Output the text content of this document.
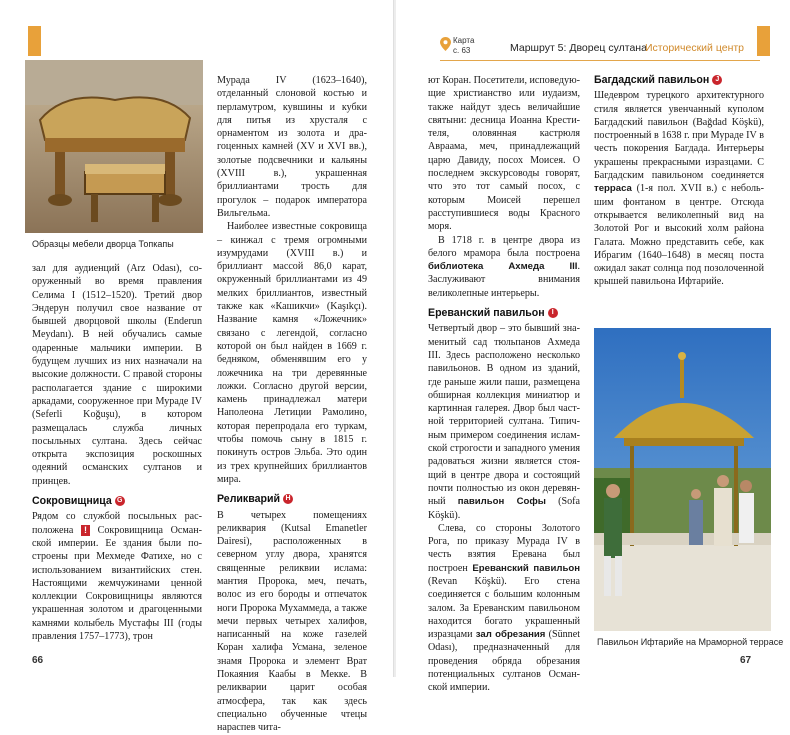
Образцы мебели дворца Топкапы

зал для аудиенций (Arz Odası), сооруженный во время правления Селима I (1512–1520). Третий двор Эндерун получил свое название от бывшей дворцовой школы (Enderun Meydanı). В ней обучались самые одаренные мальчики империи. В будущем лучших из них назначали на высокие должности. С правой стороны располагается здание с широкими аркадами, сооруженное при Мураде IV (Seferli Koğuşu), в котором размещалась служба личных посыльных султана. Здесь сейчас открыта экспозиция роскошных одеяний османских султанов и принцев.

Сокровищница G

Рядом со службой посыльных расположена ! Сокровищница Османской империи. Ее здания были построены при Мехмеде Фатихе, но с использованием византийских стен. Настоящими жемчужинами ценной коллекции Сокровищницы являются украшенная золотом и драгоценными камнями колыбель Мустафы III (годы правления 1757–1773), трон

Мурада IV (1623–1640), отделанный слоновой костью и перламутром, кувшины и кубки для питья из хрусталя с орнаментом из золота и драгоценных камней (XV и XVI вв.), золотые подсвечники и кальяны (XVIII в.), украшенная бриллиантами трость для прогулок – подарок императора Вильгельма.

Наиболее известные сокровища – кинжал с тремя огромными изумрудами (XVIII в.) и бриллиант массой 86,0 карат, окруженный бриллиантами из 49 мелких бриллиантов, известный также как «Кашикчи» (Kaşıkçı). Название камня «Ложечник» связано с легендой, согласно которой он был найден в 1669 г. бедняком, обменявшим его у ложечника на три деревянные ложки. Согласно другой версии, камень принадлежал матери Наполеона Летиции Рамолино, которая перепродала его туркам, чтобы помочь сыну в 1815 г. покинуть остров Эльба. Это один из трех крупнейших бриллиантов мира.

Реликварий H

В четырех помещениях реликвария (Kutsal Emanetler Dairesi), расположенных в северном углу двора, хранятся священные реликвии ислама: мантия Пророка, меч, печать, волос из его бороды и отпечаток ноги Пророка Мухаммеда, а также мечи первых четырех халифов, написанный на коже газелей Коран халифа Усмана, зеленое знамя Пророка и элемент Врат Покаяния Каабы в Мекке. В реликварии царит особая атмосфера, так как здесь специально обученные чтецы нараспев чита-

66	67
Карта
с. 63	Маршрут 5: Дворец султана
Исторический центр

ют Коран. Посетители, исповедующие христианство или иудаизм, также найдут здесь величайшие святыни: десница Иоанна Крестителя, оловянная кастрюля Авраама, меч, принадлежащий царю Давиду, посох Моисея. О последнем экскурсоводы говорят, что это тот самый посох, с которым Моисей перешел расступившиеся воды Красного моря.

В 1718 г. в центре двора из белого мрамора была построена библиотека Ахмеда III. Заслуживают внимания великолепные интерьеры.

Ереванский павильон I

Четвертый двор – это бывший знаменитый сад тюльпанов Ахмеда III. Здесь расположено несколько павильонов. В одном из зданий, где раньше жили паши, размещена обширная коллекция миниатюр и картинная галерея. Двор был частной территорией султана. Типичным примером соединения исламской строгости и западного умения радоваться жизни является стоящий в центре двора и состоящий почти полностью из окон деревянный павильон Софы (Sofa Köşkü).

Слева, со стороны Золотого Рога, по приказу Мурада IV в честь взятия Еревана был построен Ереванский павильон (Revan Köşkü). Его стена соединяется с большим колонным залом. За Ереванским павильоном находится богато украшенный изразцами зал обрезания (Sünnet Odası), предназначенный для проведения обряда обрезания потенциальных султанов Османской империи.

Багдадский павильон J

Шедевром турецкого архитектурного стиля является увенчанный куполом Багдадский павильон (Bağdad Köşkü), построенный в 1638 г. при Мураде IV в честь покорения Багдада. Интерьеры украшены прекрасными изразцами. С Багдадским павильоном соединяется терраса (1-я пол. XVII в.) с небольшим фонтаном в центре. Отсюда открывается великолепный вид на Золотой Рог и высокий холм района Галата. Можно представить себе, как Ибрагим (1640–1648) в месяц поста ожидал закат солнца под позолоченной крышей павильона Ифтарийе.

Павильон Ифтарийе на Мраморной террасе
